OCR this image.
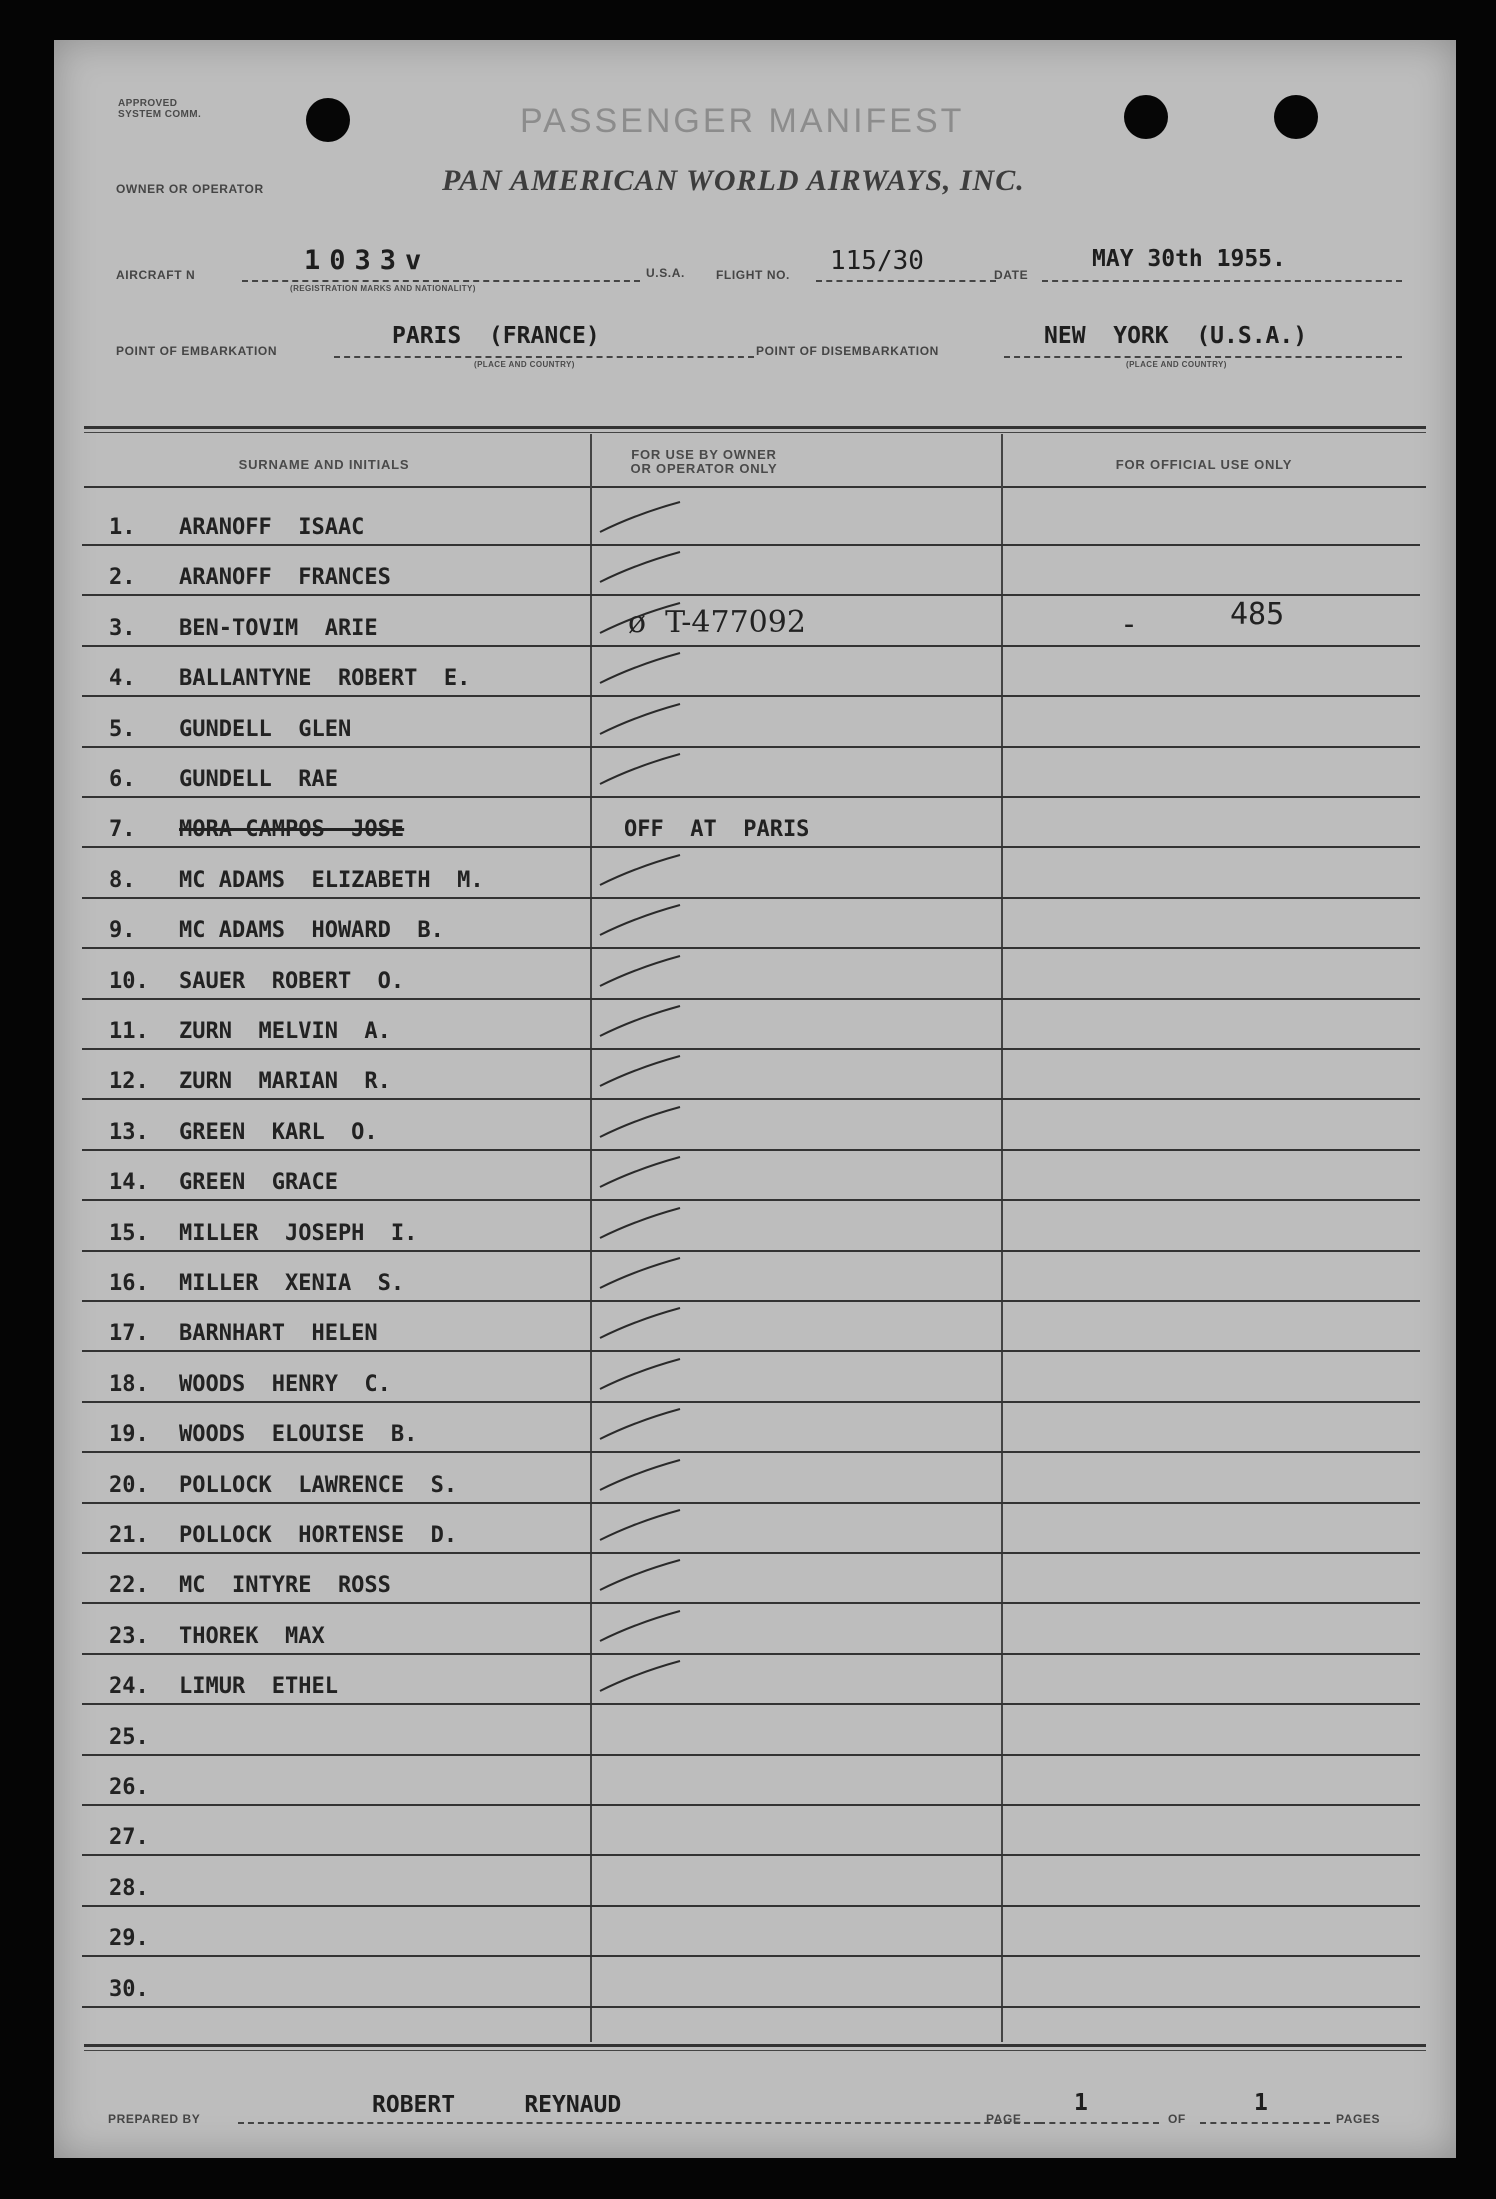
APPROVED
SYSTEM COMM.	PASSENGER MANIFEST
OWNER OR OPERATOR	PAN AMERICAN WORLD AIRWAYS, INC.
AIRCRAFT N	1033v
(REGISTRATION MARKS AND NATIONALITY)
U.S.A.	FLIGHT NO. 115/30	DATE
MAY 30th 1955.
POINT OF EMBARKATION
PARIS  (FRANCE)
(PLACE AND COUNTRY)
POINT OF DISEMBARKATION
NEW  YORK  (U.S.A.)
(PLACE AND COUNTRY)
SURNAME AND INITIALS
FOR USE BY OWNER
OR OPERATOR ONLY	FOR OFFICIAL USE ONLY
1. ARANOFF  ISAAC
2. ARANOFF  FRANCES
3. BEN-TOVIM  ARIE	ø  T-477092	-	485
4. BALLANTYNE  ROBERT  E.
5. GUNDELL  GLEN
6. GUNDELL  RAE
7. MORA CAMPOS  JOSE	OFF  AT  PARIS
8. MC ADAMS  ELIZABETH  M.
9. MC ADAMS  HOWARD  B.
10. SAUER  ROBERT  O.
11. ZURN  MELVIN  A.
12. ZURN  MARIAN  R.
13. GREEN  KARL  O.
14. GREEN  GRACE
15. MILLER  JOSEPH  I.
16. MILLER  XENIA  S.
17. BARNHART  HELEN
18. WOODS  HENRY  C.
19. WOODS  ELOUISE  B.
20. POLLOCK  LAWRENCE  S.
21. POLLOCK  HORTENSE  D.
22. MC  INTYRE  ROSS
23. THOREK  MAX
24. LIMUR  ETHEL
25.
26.
27.
28.
29.
30.
PREPARED BY
ROBERT     REYNAUD
PAGE
1
OF
1
PAGES
